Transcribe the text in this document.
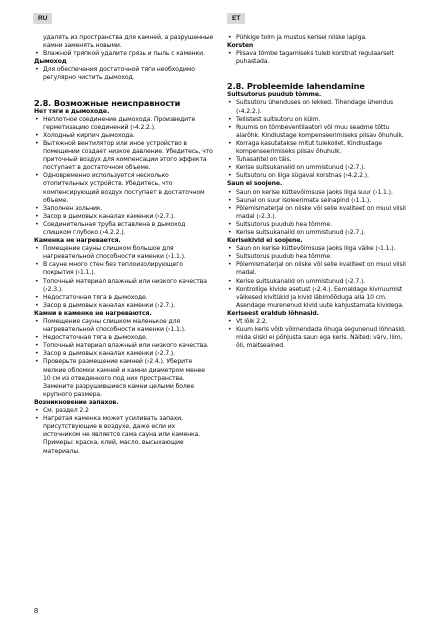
RU	ET
удалять из пространства для камней, а разрушенные камни заменять новыми.
• Влажной тряпкой удалите грязь и пыль с каменки.
Дымоход
• Для обеспечения достаточной тяги необходимо регулярно чистить дымоход.
2.8. Возможные неисправности
Нет тяги в дымоходе.
• Неплотное соединение дымохода. Произведите герметизацию соединений (›4.2.2.).
• Холодный кирпич дымохода.
• Вытяжной вентилятор или иное устройство в помещении создает низкое давление. Убедитесь, что приточный воздух для компенсации этого эффекта поступает в достаточном объеме.
• Одновременно используется несколько отопительных устройств. Убедитесь, что компенсирующий воздух поступает в достаточном объеме.
• Заполнен зольник.
• Засор в дымовых каналах каменки (›2.7.).
• Соединительная труба вставлена в дымоход слишком глубоко (›4.2.2.).
Каменка не нагревается.
• Помещение сауны слишком большое для нагревательной способности каменки (›1.1.).
• В сауне много стен без теплоизолирующего покрытия (›1.1.).
• Топочный материал влажный или низкого качества (›2.3.).
• Недостаточная тяга в дымоходе.
• Засор в дымовых каналах каменки (›2.7.).
Камни в каменке не нагреваются.
• Помещение сауны слишком маленькое для нагревательной способности каменки (›1.1.).
• Недостаточная тяга в дымоходе.
• Топочный материал влажный или низкого качества.
• Засор в дымовых каналах каменки (›2.7.).
• Проверьте размещение камней (›2.4.). Уберите мелкие обломки камней и камни диаметром менее 10 см из отведенного под них пространства. Замените разрушившиеся камни целыми более крупного размера.
Возникновение запахов.
• См. раздел 2.2
• Нагретая каменка может усиливать запахи, присутствующие в воздухе, даже если их источником не является сама сауна или каменка. Примеры: краска, клей, масло, высыхающие материалы.
• Pühkige tolm ja mustus kerisel niiske lapiga.
Korsten
• Piisava tõmbe tagamiseks tuleb korstnat regulaarselt puhastada.
2.8. Probleemide lahendamine
Suitsutorus puudub tõmme.
• Suitsutoru ühenduses on lekked. Tihendage ühendus (›4.2.2.).
• Tellistest suitsutoru on külm.
• Ruumis on tõmbeventilaatori või muu seadme tõttu alarõhk. Kindlustage kompenseerimiseks piisav õhuhulk.
• Korraga kasutatakse mitut tulekollet. Kindlustage kompenseerimiseks piisav õhuhulk.
• Tuhasahtel on täis.
• Kerise suitsukanalid on ummistunud (›2.7.).
• Suitsutoru on liiga sügaval korstnas (›4.2.2.).
Saun ei soojene.
• Saun on kerise küttevõimsuse jaoks liiga suur (›1.1.).
• Saunal on suur isoleerimata seinapind (›1.1.).
• Põlemismaterjal on niiske või selle kvaliteet on muul viisil madal (›2.3.).
• Suitsutorus puudub hea tõmme.
• Kerise suitsukanalid on ummistunud (›2.7.).
Kerisekivid ei soojene.
• Saun on kerise küttevõimsuse jaoks liiga väike (›1.1.).
• Suitsutorus puudub hea tõmme.
• Põlemismaterjal on niiske või selle kvaliteet on muul viisil madal.
• Kerise suitsukanalid on ummistunud (›2.7.).
• Kontrollige kivide asetust (›2.4.). Eemaldage kiviruumist väikesed kivitükid ja kivid läbimõõduga alla 10 cm. Asendage murenenud kivid uute kahjustamata kividega.
Keriseest eraldub lõhnasid.
• Vt lõik 2.2.
• Kuum keris võib võimendada õhuga segunenud lõhnasid, mida siiski ei põhjusta saun ega keris. Näited: värv, liim, õli, maitseained.
8
